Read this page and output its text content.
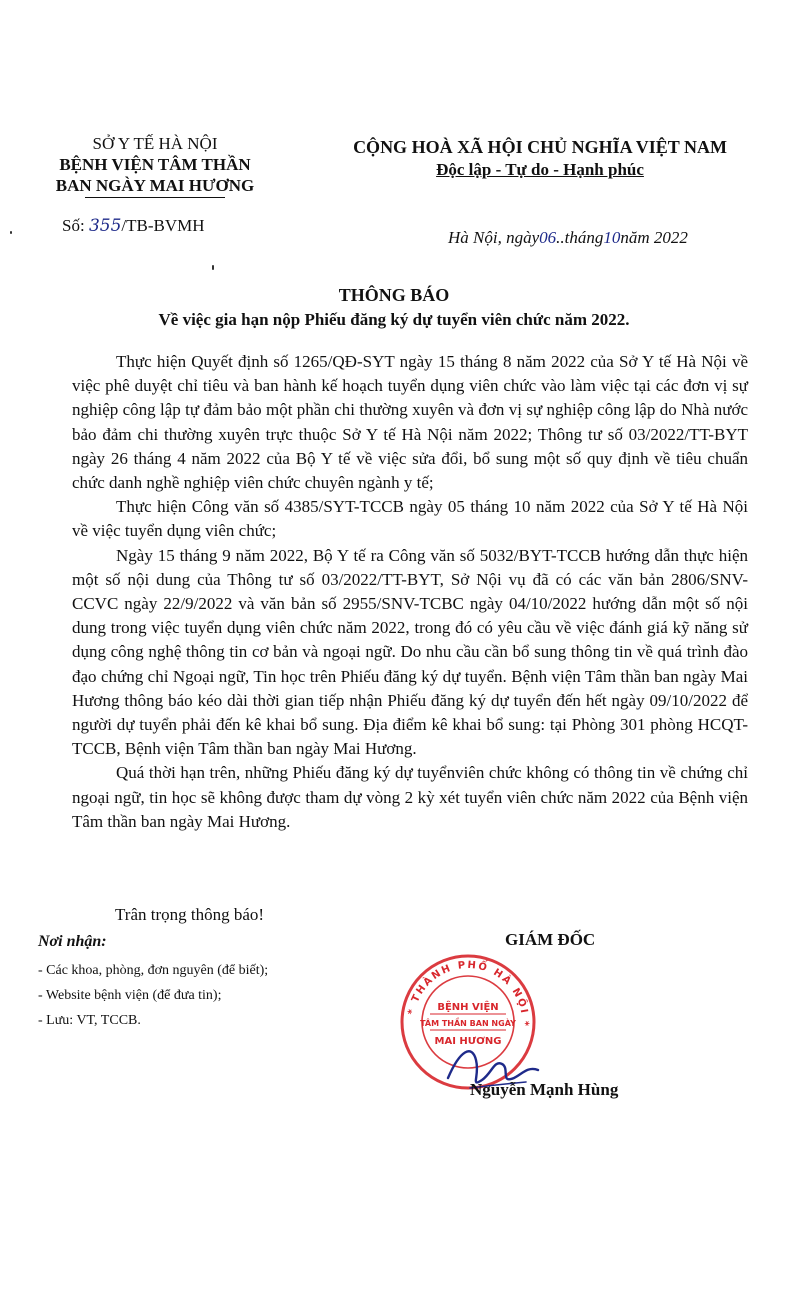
SỞ Y TẾ HÀ NỘI
BỆNH VIỆN TÂM THẦN
BAN NGÀY MAI HƯƠNG
CỘNG HOÀ XÃ HỘI CHỦ NGHĨA VIỆT NAM
Độc lập - Tự do - Hạnh phúc
Số: 355/TB-BVMH
Hà Nội, ngày06..tháng10năm 2022
THÔNG BÁO
Về việc gia hạn nộp Phiếu đăng ký dự tuyển viên chức năm 2022.

Thực hiện Quyết định số 1265/QĐ-SYT ngày 15 tháng 8 năm 2022 của Sở Y tế Hà Nội về việc phê duyệt chỉ tiêu và ban hành kế hoạch tuyển dụng viên chức vào làm việc tại các đơn vị sự nghiệp công lập tự đảm bảo một phần chi thường xuyên và đơn vị sự nghiệp công lập do Nhà nước bảo đảm chi thường xuyên trực thuộc Sở Y tế Hà Nội năm 2022; Thông tư số 03/2022/TT-BYT ngày 26 tháng 4 năm 2022 của Bộ Y tế về việc sửa đổi, bổ sung một số quy định về tiêu chuẩn chức danh nghề nghiệp viên chức chuyên ngành y tế;

Thực hiện Công văn số 4385/SYT-TCCB ngày 05 tháng 10 năm 2022 của Sở Y tế Hà Nội về việc tuyển dụng viên chức;

Ngày 15 tháng 9 năm 2022, Bộ Y tế ra Công văn số 5032/BYT-TCCB hướng dẫn thực hiện một số nội dung của Thông tư số 03/2022/TT-BYT, Sở Nội vụ đã có các văn bản 2806/SNV-CCVC ngày 22/9/2022 và văn bản số 2955/SNV-TCBC ngày 04/10/2022 hướng dẫn một số nội dung trong việc tuyển dụng viên chức năm 2022, trong đó có yêu cầu về việc đánh giá kỹ năng sử dụng công nghệ thông tin cơ bản và ngoại ngữ. Do nhu cầu cần bổ sung thông tin về quá trình đào đạo chứng chỉ Ngoại ngữ, Tin học trên Phiếu đăng ký dự tuyển. Bệnh viện Tâm thần ban ngày Mai Hương thông báo kéo dài thời gian tiếp nhận Phiếu đăng ký dự tuyển đến hết ngày 09/10/2022 để người dự tuyển phải đến kê khai bổ sung. Địa điểm kê khai bổ sung: tại Phòng 301 phòng HCQT-TCCB, Bệnh viện Tâm thần ban ngày Mai Hương.

Quá thời hạn trên, những Phiếu đăng ký dự tuyểnviên chức không có thông tin về chứng chỉ ngoại ngữ, tin học sẽ không được tham dự vòng 2 kỳ xét tuyển viên chức năm 2022 của Bệnh viện Tâm thần ban ngày Mai Hương.

Trân trọng thông báo!
Nơi nhận:
- Các khoa, phòng, đơn nguyên (để biết);
- Website bệnh viện (để đưa tin);
- Lưu: VT, TCCB.
GIÁM ĐỐC
* THÀNH PHỐ HÀ NỘI *
BỆNH VIỆN
TÂM THẦN BAN NGÀY
MAI HƯƠNG
Nguyễn Mạnh Hùng
